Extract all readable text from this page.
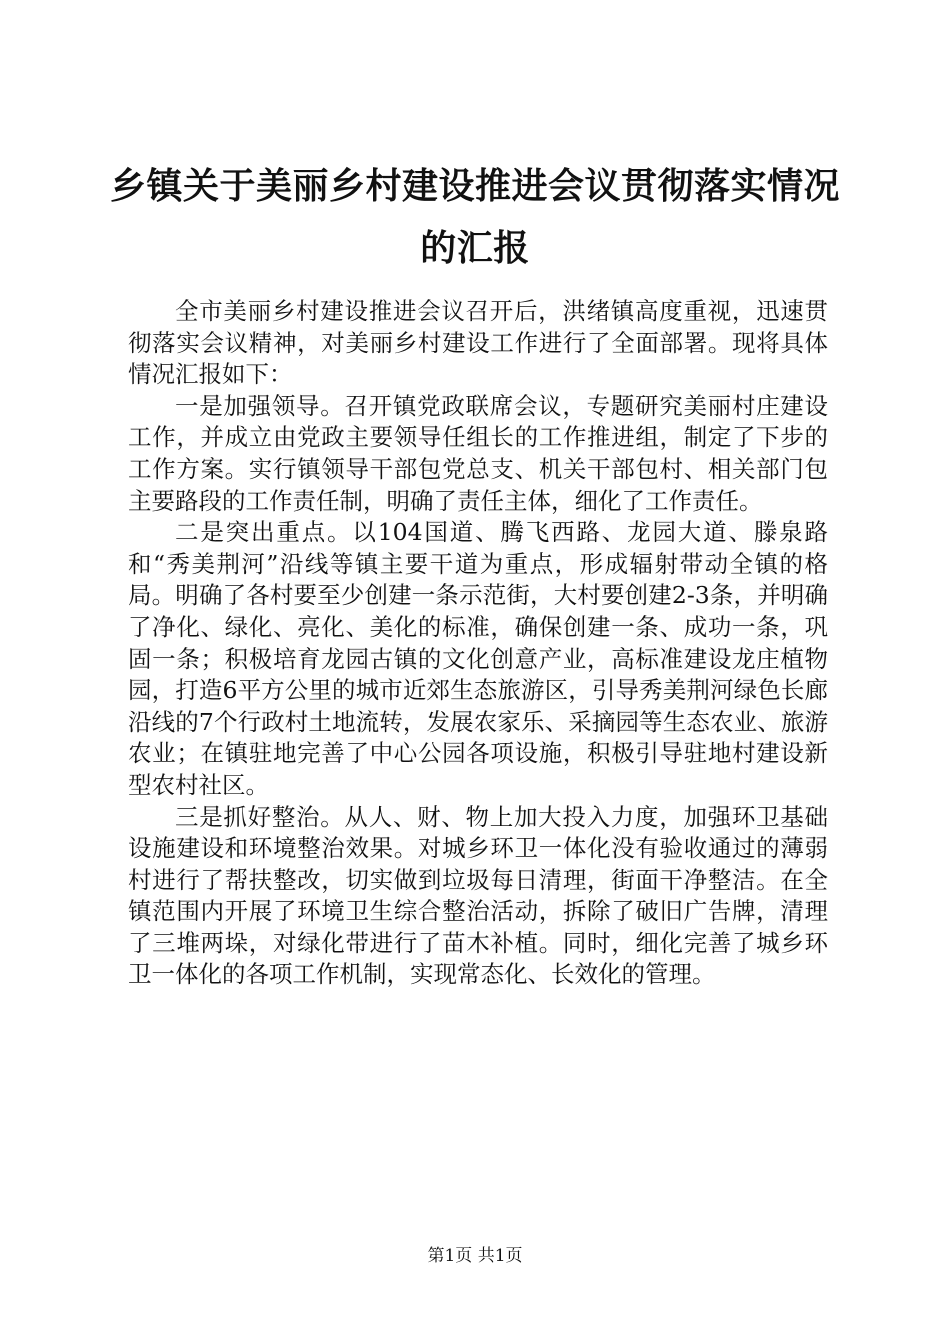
乡镇关于美丽乡村建设推进会议贯彻落实情况
的汇报

全市美丽乡村建设推进会议召开后，洪绪镇高度重视，迅速贯彻落实会议精神，对美丽乡村建设工作进行了全面部署。现将具体情况汇报如下：

一是加强领导。召开镇党政联席会议，专题研究美丽村庄建设工作，并成立由党政主要领导任组长的工作推进组，制定了下步的工作方案。实行镇领导干部包党总支、机关干部包村、相关部门包主要路段的工作责任制，明确了责任主体，细化了工作责任。

二是突出重点。以104国道、腾飞西路、龙园大道、滕泉路和“秀美荆河”沿线等镇主要干道为重点，形成辐射带动全镇的格局。明确了各村要至少创建一条示范街，大村要创建2-3条，并明确了净化、绿化、亮化、美化的标准，确保创建一条、成功一条，巩固一条；积极培育龙园古镇的文化创意产业，高标准建设龙庄植物园，打造6平方公里的城市近郊生态旅游区，引导秀美荆河绿色长廊沿线的7个行政村土地流转，发展农家乐、采摘园等生态农业、旅游农业；在镇驻地完善了中心公园各项设施，积极引导驻地村建设新型农村社区。

三是抓好整治。从人、财、物上加大投入力度，加强环卫基础设施建设和环境整治效果。对城乡环卫一体化没有验收通过的薄弱村进行了帮扶整改，切实做到垃圾每日清理，街面干净整洁。在全镇范围内开展了环境卫生综合整治活动，拆除了破旧广告牌，清理了三堆两垛，对绿化带进行了苗木补植。同时，细化完善了城乡环卫一体化的各项工作机制，实现常态化、长效化的管理。

第1页 共1页
